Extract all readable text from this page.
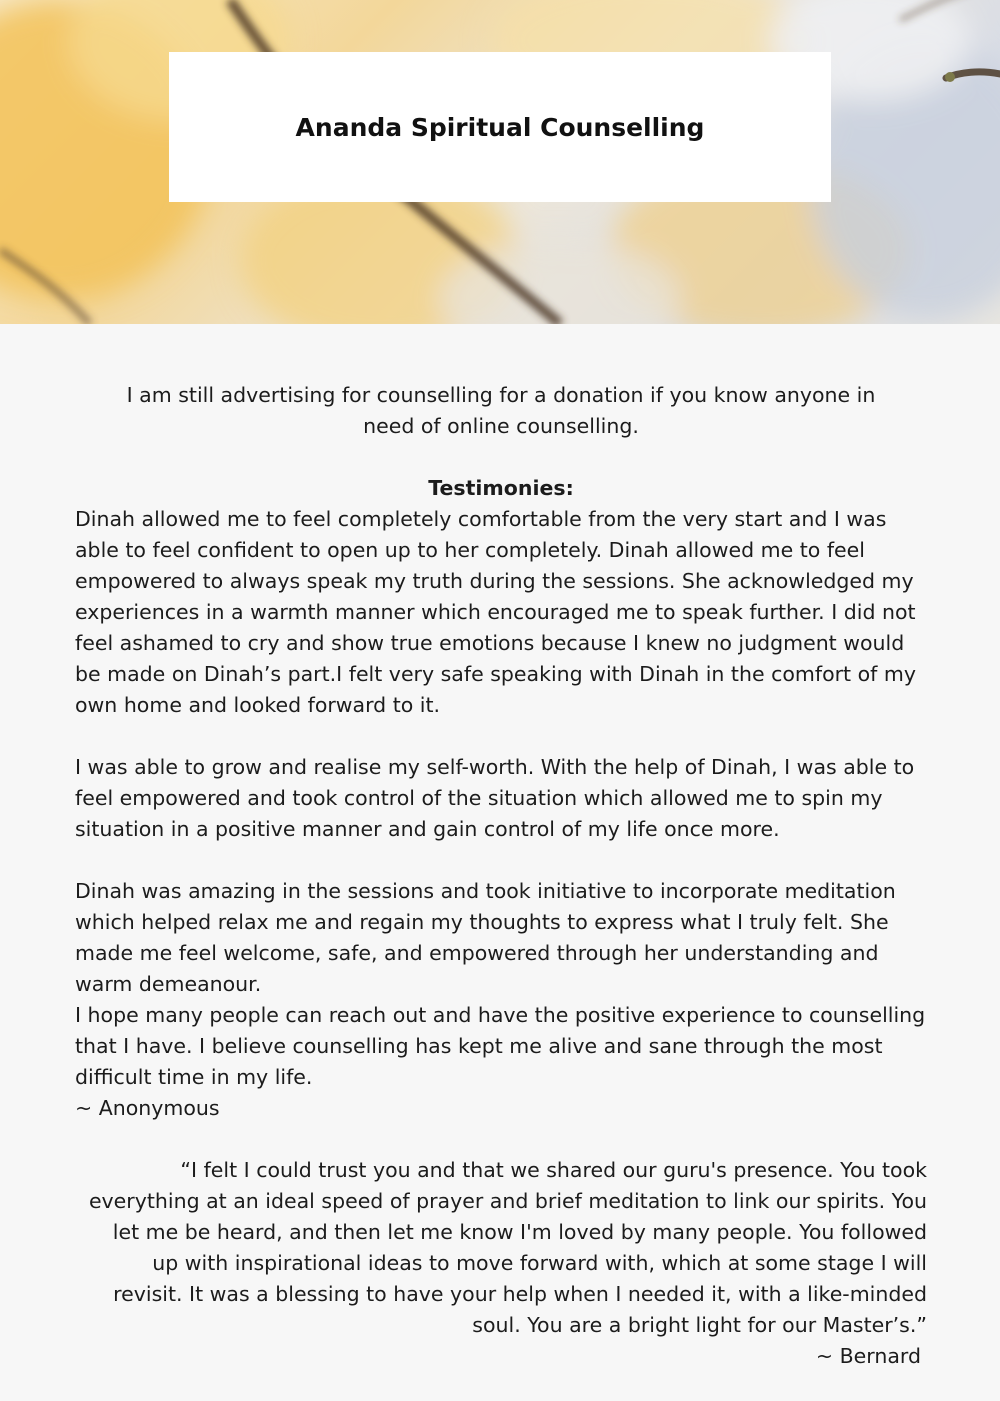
Ananda Spiritual Counselling

I am still advertising for counselling for a donation if you know anyone in need of online counselling.

Testimonies:

Dinah allowed me to feel completely comfortable from the very start and I was able to feel confident to open up to her completely. Dinah allowed me to feel empowered to always speak my truth during the sessions. She acknowledged my experiences in a warmth manner which encouraged me to speak further. I did not feel ashamed to cry and show true emotions because I knew no judgment would be made on Dinah’s part.I felt very safe speaking with Dinah in the comfort of my own home and looked forward to it.

I was able to grow and realise my self-worth. With the help of Dinah, I was able to feel empowered and took control of the situation which allowed me to spin my situation in a positive manner and gain control of my life once more.

Dinah was amazing in the sessions and took initiative to incorporate meditation which helped relax me and regain my thoughts to express what I truly felt. She made me feel welcome, safe, and empowered through her understanding and warm demeanour.

I hope many people can reach out and have the positive experience to counselling that I have. I believe counselling has kept me alive and sane through the most difficult time in my life.

~ Anonymous

“I felt I could trust you and that we shared our guru's presence. You took everything at an ideal speed of prayer and brief meditation to link our spirits. You let me be heard, and then let me know I'm loved by many people. You followed up with inspirational ideas to move forward with, which at some stage I will revisit. It was a blessing to have your help when I needed it, with a like-minded soul. You are a bright light for our Master’s.”

~ Bernard
